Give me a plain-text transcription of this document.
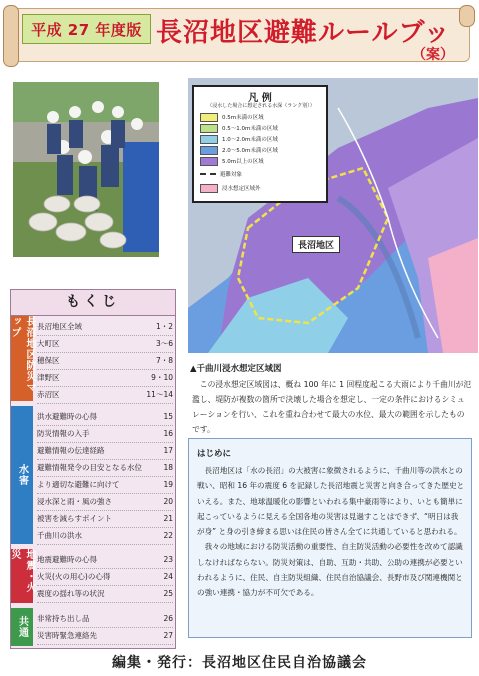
平成 27 年度版 長沼地区避難ルールブッ
（案）
もくじ
長沼地区防災マップ	長沼地区全域	1・2
大町区	3〜6
穂保区	7・8
津野区	9・10
赤沼区	11〜14
水害
洪水避難時の心得	15
防災情報の入手	16
避難情報の伝達経路	17
避難情報発令の目安となる水位	18
より適切な避難に向けて	19
浸水深と雨・風の強さ	20
被害を減らすポイント	21
千曲川の洪水	22
地震・火災	地震避難時の心得	23
火災(火の用心)の心得	24
震度の揺れ等の状況	25
共通 非常持ち出し品	26
災害時緊急連絡先	27
長沼地区
凡 例
（浸水した場合に想定される水深（ランク別））
0.5m未満の区域
0.5〜1.0m未満の区域
1.0〜2.0m未満の区域
2.0〜5.0m未満の区域
5.0m以上の区域
避難対象
浸水想定区域外
▲千曲川浸水想定区域図
　この浸水想定区域図は、概ね 100 年に 1 回程度起こる大雨により千曲川が氾濫し、堤防が複数の箇所で決壊した場合を想定し、一定の条件におけるシミュレーションを行い、これを重ね合わせて最大の水位、最大の範囲を示したものです。
はじめに
　長沼地区は「水の長沼」の大被害に象徴されるように、千曲川等の洪水との戦い、昭和 16 年の震度 6 を記録した長沼地震と災害と向き合ってきた歴史といえる。また、地球温暖化の影響といわれる集中豪雨等により、いとも簡単に起こっているように見える全国各地の災害は見過すことはできず、“明日は我が身” と身の引き締まる思いは住民の皆さん全てに共通していると思われる。
　我々の地域における防災活動の重要性、自主防災活動の必要性を改めて認識しなければならない。防災対策は、自助、互助・共助、公助の連携が必要といわれるように、住民、自主防災組織、住民自治協議会、長野市及び関連機関との強い連携・協力が不可欠である。
編集・発行：長沼地区住民自治協議会
